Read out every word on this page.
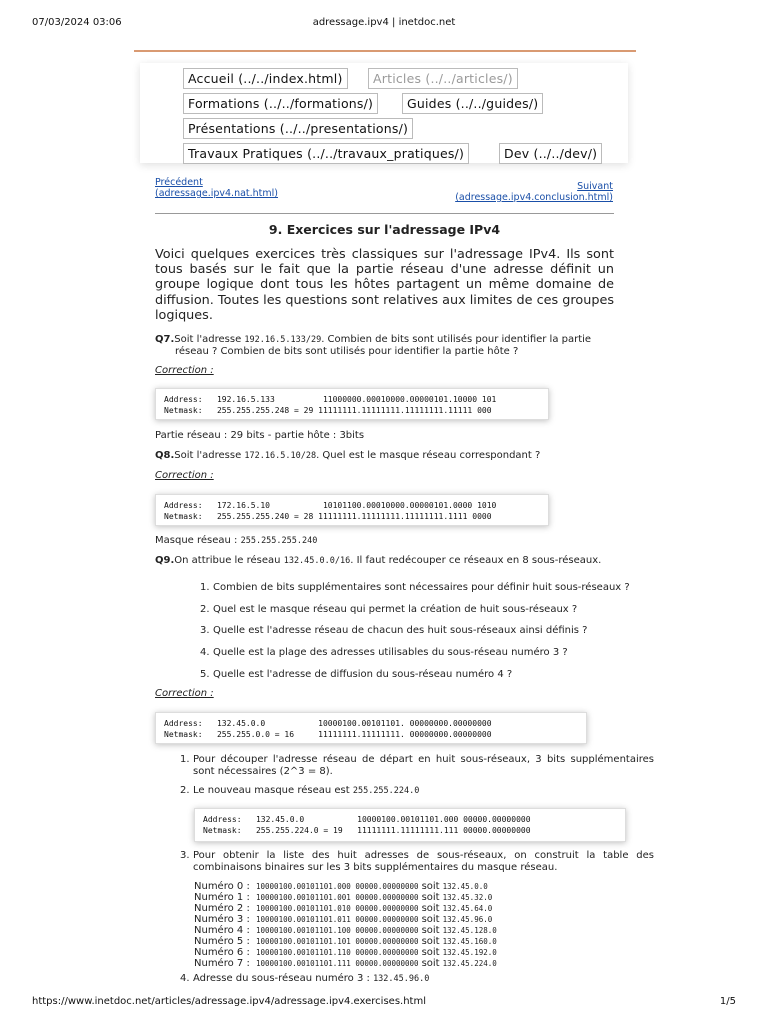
07/03/2024 03:06	adressage.ipv4 | inetdoc.net
Accueil (../../index.html)	Articles (../../articles/)
Formations (../../formations/)	Guides (../../guides/)
Présentations (../../presentations/)
Travaux Pratiques (../../travaux_pratiques/)	Dev (../../dev/)
Précédent
(adressage.ipv4.nat.html)
Suivant
(adressage.ipv4.conclusion.html)
9. Exercices sur l'adressage IPv4

Voici quelques exercices très classiques sur l'adressage IPv4. Ils sont tous basés sur le fait que la partie réseau d'une adresse définit un groupe logique dont tous les hôtes partagent un même domaine de diffusion. Toutes les questions sont relatives aux limites de ces groupes logiques.

Q7.Soit l'adresse 192.16.5.133/29. Combien de bits sont utilisés pour identifier la partie
réseau ? Combien de bits sont utilisés pour identifier la partie hôte ?
Correction :
Address:   192.16.5.133          11000000.00010000.00000101.10000 101
Netmask:   255.255.255.248 = 29 11111111.11111111.11111111.11111 000
Partie réseau : 29 bits - partie hôte : 3bits
Q8.Soit l'adresse 172.16.5.10/28. Quel est le masque réseau correspondant ?
Correction :
Address:   172.16.5.10           10101100.00010000.00000101.0000 1010
Netmask:   255.255.255.240 = 28 11111111.11111111.11111111.1111 0000
Masque réseau : 255.255.255.240
Q9.On attribue le réseau 132.45.0.0/16. Il faut redécouper ce réseaux en 8 sous-réseaux.
1. Combien de bits supplémentaires sont nécessaires pour définir huit sous-réseaux ?
2. Quel est le masque réseau qui permet la création de huit sous-réseaux ?
3. Quelle est l'adresse réseau de chacun des huit sous-réseaux ainsi définis ?
4. Quelle est la plage des adresses utilisables du sous-réseau numéro 3 ?
5. Quelle est l'adresse de diffusion du sous-réseau numéro 4 ?
Correction :
Address:   132.45.0.0           10000100.00101101. 00000000.00000000
Netmask:   255.255.0.0 = 16     11111111.11111111. 00000000.00000000
1. Pour découper l'adresse réseau de départ en huit sous-réseaux, 3 bits supplémentaires sont nécessaires (2^3 = 8).
2. Le nouveau masque réseau est 255.255.224.0
3. Pour obtenir la liste des huit adresses de sous-réseaux, on construit la table des combinaisons binaires sur les 3 bits supplémentaires du masque réseau.
4. Adresse du sous-réseau numéro 3 : 132.45.96.0
Address:   132.45.0.0           10000100.00101101.000 00000.00000000
Netmask:   255.255.224.0 = 19   11111111.11111111.111 00000.00000000
Numéro 0 : 10000100.00101101.000 00000.00000000 soit 132.45.0.0
Numéro 1 : 10000100.00101101.001 00000.00000000 soit 132.45.32.0
Numéro 2 : 10000100.00101101.010 00000.00000000 soit 132.45.64.0
Numéro 3 : 10000100.00101101.011 00000.00000000 soit 132.45.96.0
Numéro 4 : 10000100.00101101.100 00000.00000000 soit 132.45.128.0
Numéro 5 : 10000100.00101101.101 00000.00000000 soit 132.45.160.0
Numéro 6 : 10000100.00101101.110 00000.00000000 soit 132.45.192.0
Numéro 7 : 10000100.00101101.111 00000.00000000 soit 132.45.224.0
https://www.inetdoc.net/articles/adressage.ipv4/adressage.ipv4.exercises.html	1/5
